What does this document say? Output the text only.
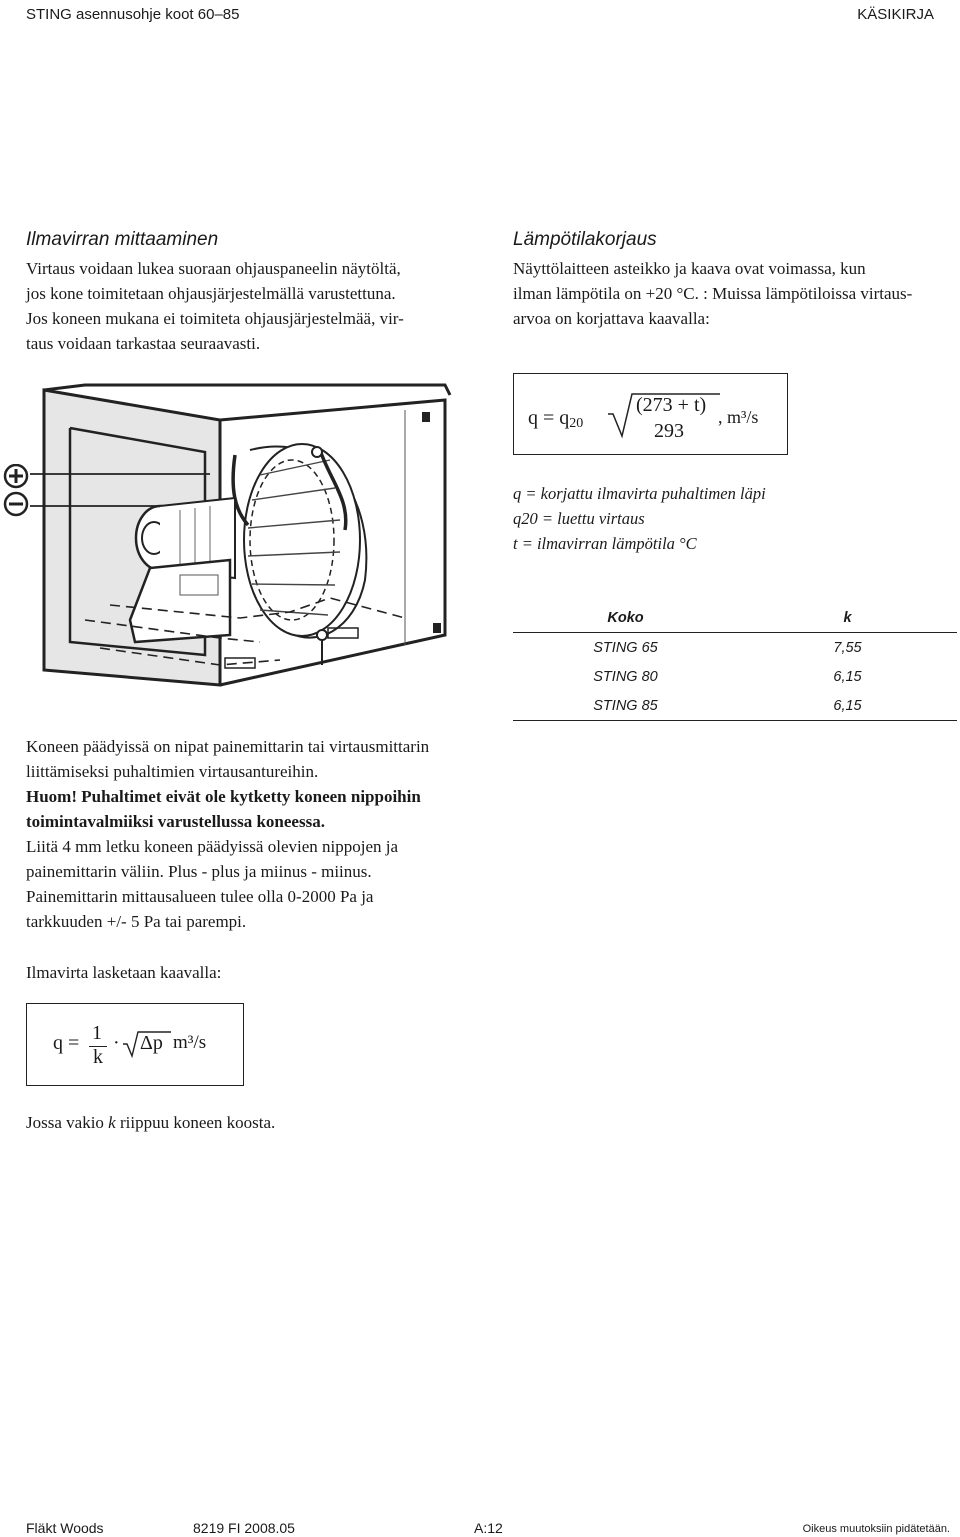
STING asennusohje koot 60–85	KÄSIKIRJA
Ilmavirran mittaaminen

Virtaus voidaan lukea suoraan ohjauspaneelin näytöltä,

jos kone toimitetaan ohjausjärjestelmällä varustettuna.

Jos koneen mukana ei toimiteta ohjausjärjestelmää, vir-

taus voidaan tarkastaa seuraavasti.

Lämpötilakorjaus

Näyttölaitteen asteikko ja kaava ovat voimassa, kun

ilman lämpötila on +20 °C. : Muissa lämpötiloissa virtaus-

arvoa on korjattava kaavalla:

q = q20
(273 + t)
293
, m³/s
q = korjattu ilmavirta puhaltimen läpi
q20 = luettu virtaus
t = ilmavirran lämpötila °C
Koko	k
STING 65	7,55
STING 80	6,15
STING 85	6,15

Koneen päädyissä on nipat painemittarin tai virtausmittarin

liittämiseksi puhaltimien virtausantureihin.

Huom! Puhaltimet eivät ole kytketty koneen nippoihin

toimintavalmiiksi varustellussa koneessa.

Liitä 4 mm letku koneen päädyissä olevien nippojen ja

painemittarin väliin. Plus - plus ja miinus - miinus.

Painemittarin mittausalueen tulee olla 0-2000 Pa ja

tarkkuuden +/- 5 Pa tai parempi.

Ilmavirta lasketaan kaavalla:
q = 1
k
· Δp m³/s
Jossa vakio k riippuu koneen koosta.
Fläkt Woods	8219 FI 2008.05	A:12	Oikeus muutoksiin pidätetään.
